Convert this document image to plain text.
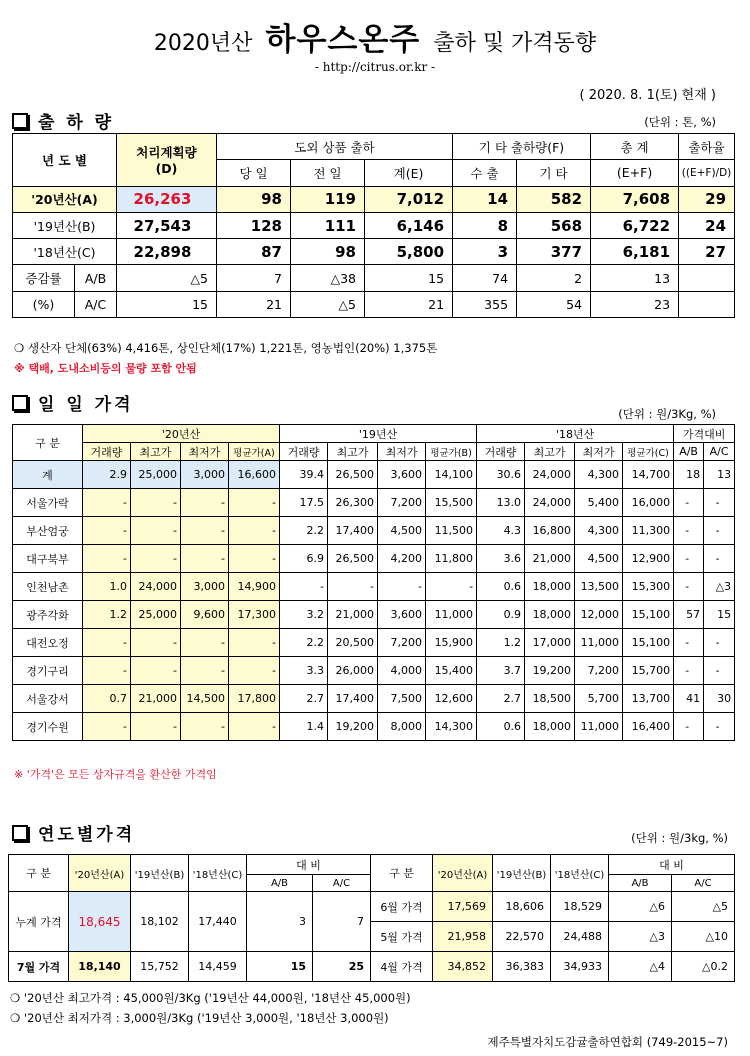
2020년산 하우스온주 출하 및 가격동향
- http://citrus.or.kr -
( 2020. 8. 1(토) 현재 )
출 하 량	(단위 : 톤, %)
년 도 별		처리계획량
(D)	도외 상품 출하			기 타 출하량(F)		총 계	출하율
			당 일	전 일	계(E)	수 출	기 타	(E+F)	((E+F)/D)
'20년산(A)		26,263	98	119	7,012	14	582	7,608	29
'19년산(B)		27,543	128	111	6,146	8	568	6,722	24
'18년산(C)		22,898	87	98	5,800	3	377	6,181	27
증감률	A/B	△5	7	△38	15	74	2	13	
(%)	A/C	15	21	△5	21	355	54	23	
❍ 생산자 단체(63%) 4,416톤, 상인단체(17%) 1,221톤, 영농법인(20%) 1,375톤
※ 택배, 도내소비등의 물량 포함 안됨
일 일 가격	(단위 : 원/3Kg, %)
구 분	'20년산				'19년산				'18년산				가격대비	
	거래량	최고가	최저가	평균가(A)	거래량	최고가	최저가	평균가(B)	거래량	최고가	최저가	평균가(C)	A/B	A/C
계	2.9	25,000	3,000	16,600	39.4	26,500	3,600	14,100	30.6	24,000	4,300	14,700	18	13
서울가락	-	-	-	-	17.5	26,300	7,200	15,500	13.0	24,000	5,400	16,000	-	-
부산엄궁	-	-	-	-	2.2	17,400	4,500	11,500	4.3	16,800	4,300	11,300	-	-
대구북부	-	-	-	-	6.9	26,500	4,200	11,800	3.6	21,000	4,500	12,900	-	-
인천남촌	1.0	24,000	3,000	14,900	-	-	-	-	0.6	18,000	13,500	15,300	-	△3
광주각화	1.2	25,000	9,600	17,300	3.2	21,000	3,600	11,000	0.9	18,000	12,000	15,100	57	15
대전오정	-	-	-	-	2.2	20,500	7,200	15,900	1.2	17,000	11,000	15,100	-	-
경기구리	-	-	-	-	3.3	26,000	4,000	15,400	3.7	19,200	7,200	15,700	-	-
서울강서	0.7	21,000	14,500	17,800	2.7	17,400	7,500	12,600	2.7	18,500	5,700	13,700	41	30
경기수원	-	-	-	-	1.4	19,200	8,000	14,300	0.6	18,000	11,000	16,400	-	-
※ '가격'은 모든 상자규격을 환산한 가격임
연도별가격	(단위 : 원/3kg, %)
구 분	'20년산(A)	'19년산(B)	'18년산(C)	대 비		구 분	'20년산(A)	'19년산(B)	'18년산(C)	대 비	
				A/B	A/C					A/B	A/C
누계 가격	18,645	18,102	17,440	3	7	6월 가격	17,569	18,606	18,529	△6	△5
						5월 가격	21,958	22,570	24,488	△3	△10
7월 가격	18,140	15,752	14,459	15	25	4월 가격	34,852	36,383	34,933	△4	△0.2
❍ '20년산 최고가격 : 45,000원/3Kg ('19년산 44,000원, '18년산 45,000원)
❍ '20년산 최저가격 : 3,000원/3Kg ('19년산 3,000원, '18년산 3,000원)
제주특별자치도감귤출하연합회 (749-2015~7)
